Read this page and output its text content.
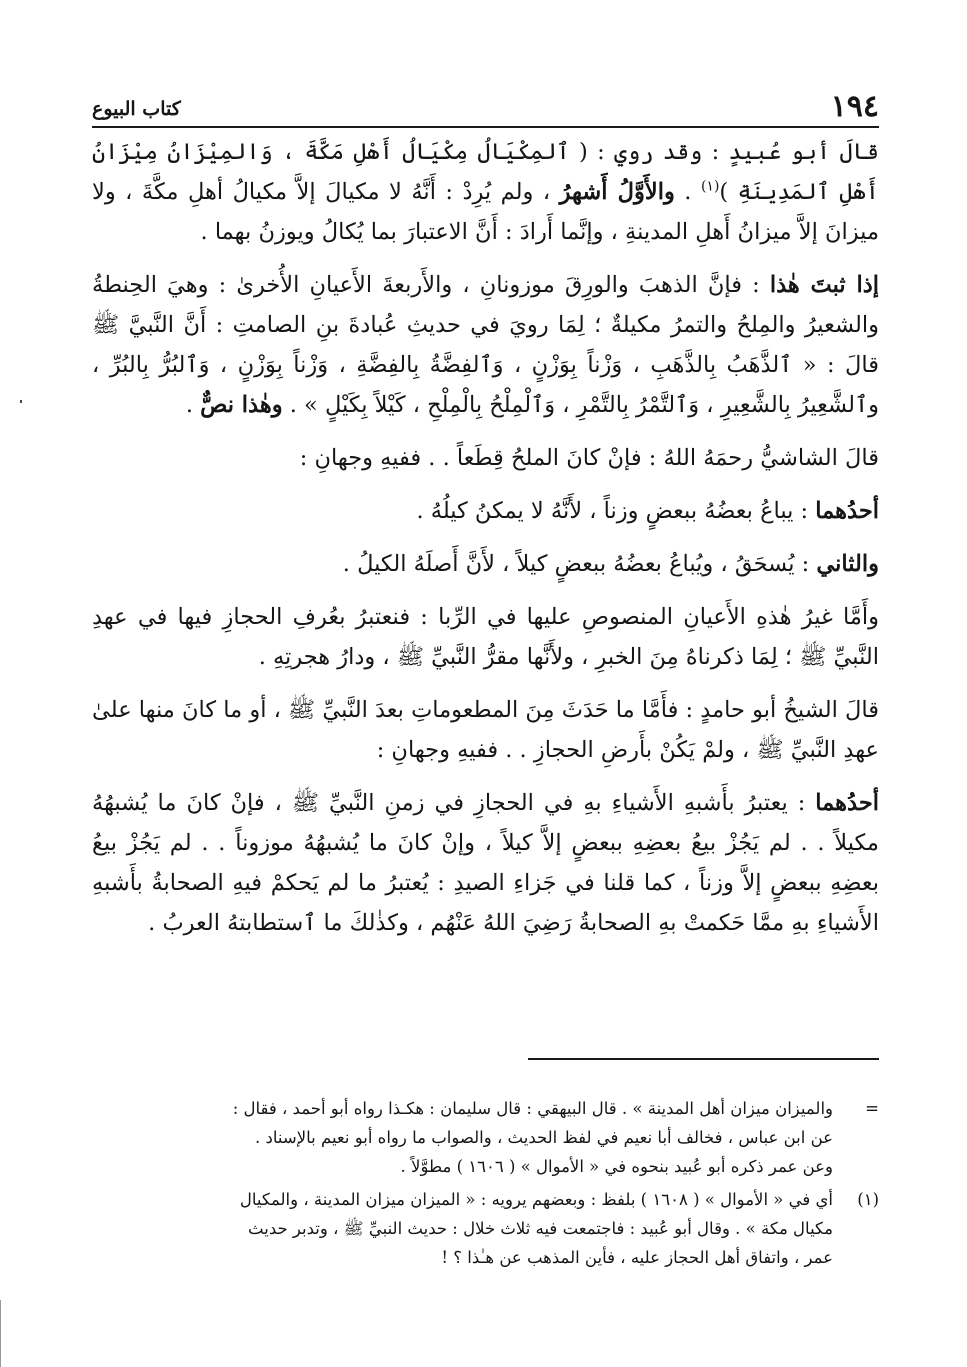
١٩٤
كتاب البيوع

قالَ أبو عُبيدٍ : وقد روي : ( ٱلمِكْيَالُ مِكْيَالُ أَهْلِ مَكَّةَ ، وَالمِيْزَانُ مِيْزَانُ أَهْلِ ٱلمَدِينَةِ )$^{(١)}$ . والأَوَّلُ أَشهرُ ، ولم يُرِدْ : أَنَّهُ لا مكيالَ إلاَّ مكيالُ أهلِ مكَّةَ ، ولا ميزانَ إلاَّ ميزانُ أَهلِ المدينةِ ، وإنَّما أَرادَ : أَنَّ الاعتبارَ بما يُكالُ ويوزنُ بهما .

إذا ثبتَ هٰذا : فإنَّ الذهبَ والورِقَ موزونانِ ، والأَربعةَ الأَعيانِ الأُخرىٰ : وهيَ الحِنطةُ والشعيرُ والمِلحُ والتمرُ مكيلةٌ ؛ لِمَا رويَ في حديثِ عُبادةَ بنِ الصامتِ : أَنَّ النَّبيَّ ﷺ قالَ : « ٱلذَّهَبُ بِالذَّهَبِ ، وَزْناً بِوَزْنٍ ، وَٱلفِضَّةُ بِالفِضَّةِ ، وَزْناً بِوَزْنٍ ، وَٱلبُرُّ بِالبُرِّ ، وٱلشَّعِيرُ بِالشَّعِيرِ ، وَٱلتَّمْرُ بِالتَّمْرِ ، وَٱلْمِلْحُ بِالْمِلْحِ ، كَيْلاً بِكَيْلٍ » . وهٰذا نصٌّ .

قالَ الشاشيُّ رحمَهُ اللهُ : فإنْ كانَ الملحُ قِطَعاً . . ففيهِ وجهانِ :

أحدُهما : يباعُ بعضُهُ ببعضٍ وزناً ، لأَنَّهُ لا يمكنُ كيلُهُ .

والثاني : يُسحَقُ ، ويُباعُ بعضُهُ ببعضٍ كيلاً ، لأَنَّ أَصلَهُ الكيلُ .

وأَمَّا غيرُ هٰذهِ الأَعيانِ المنصوصِ عليها في الرِّبا : فنعتبرُ بعُرفِ الحجازِ فيها في عهدِ النَّبيِّ ﷺ ؛ لِمَا ذكرناهُ مِنَ الخبرِ ، ولأَنَّها مقرُّ النَّبيِّ ﷺ ، ودارُ هجرتِهِ .

قالَ الشيخُ أبو حامدٍ : فأَمَّا ما حَدَثَ مِنَ المطعوماتِ بعدَ النَّبيِّ ﷺ ، أو ما كانَ منها علىٰ عهدِ النَّبيِّ ﷺ ، ولمْ يَكُنْ بأَرضِ الحجازِ . . ففيهِ وجهانِ :

أحدُهما : يعتبرُ بأَشبهِ الأَشياءِ بهِ في الحجازِ في زمنِ النَّبيِّ ﷺ ، فإنْ كانَ ما يُشبهُهُ مكيلاً . . لم يَجُزْ بيعُ بعضِهِ ببعضٍ إلاَّ كيلاً ، وإنْ كانَ ما يُشبهُهُ موزوناً . . لم يَجُزْ بيعُ بعضِهِ ببعضٍ إلاَّ وزناً ، كما قلنا في جَزاءِ الصيدِ : يُعتبرُ ما لم يَحكمْ فيهِ الصحابةُ بأَشبهِ الأَشياءِ بهِ ممَّا حَكمتْ بهِ الصحابةُ رَضِيَ اللهُ عَنْهُم ، وكذٰلكَ ما ٱستطابتهُ العربُ .

=
والميزان ميزان أهل المدينة » . قال البيهقي : قال سليمان : هكـذا رواه أبو أحمد ، فقال :
عن ابن عباس ، فخالف أبا نعيم في لفظ الحديث ، والصواب ما رواه أبو نعيم بالإسناد .
وعن عمر ذكره أبو عُبيد بنحوه في « الأموال » ( ١٦٠٦ ) مطوَّلاً .
(١)
أي في « الأموال » ( ١٦٠٨ ) بلفظ : وبعضهم يرويه : « الميزان ميزان المدينة ، والمكيال
مكيال مكة » . وقال أبو عُبيد : فاجتمعت فيه ثلاث خلال : حديث النبيِّ ﷺ ، وتدبر حديث
عمر ، واتفاق أهل الحجاز عليه ، فأين المذهب عن هـٰذا ؟ !
